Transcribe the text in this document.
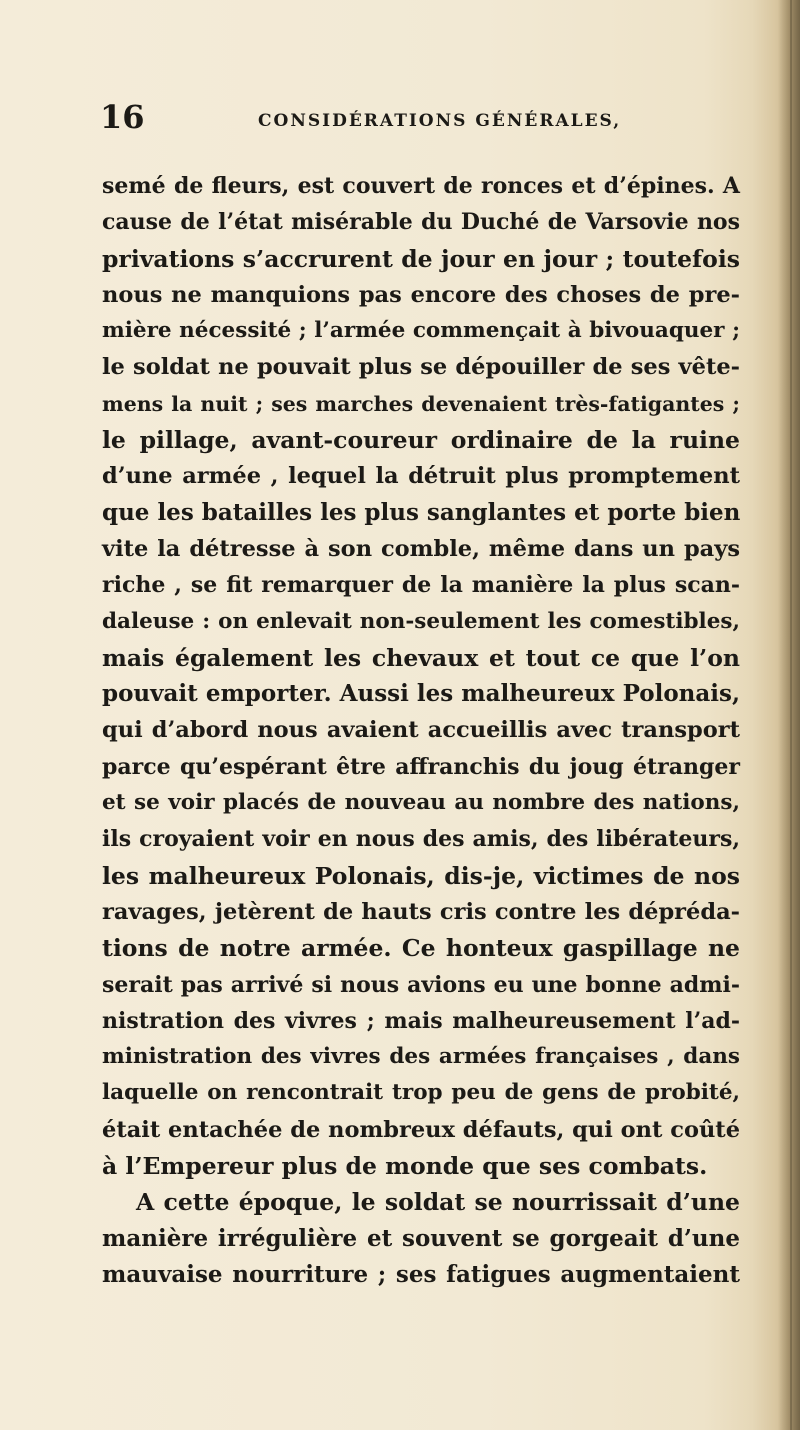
16	CONSIDÉRATIONS GÉNÉRALES,
semé de fleurs, est couvert de ronces et d’épines. A
cause de l’état misérable du Duché de Varsovie nos
privations s’accrurent de jour en jour ; toutefois
nous ne manquions pas encore des choses de pre-
mière nécessité ; l’armée commençait à bivouaquer ;
le soldat ne pouvait plus se dépouiller de ses vête-
mens la nuit ; ses marches devenaient très-fatigantes ;
le pillage, avant-coureur ordinaire de la ruine
d’une armée , lequel la détruit plus promptement
que les batailles les plus sanglantes et porte bien
vite la détresse à son comble, même dans un pays
riche , se fit remarquer de la manière la plus scan-
daleuse : on enlevait non-seulement les comestibles,
mais également les chevaux et tout ce que l’on
pouvait emporter. Aussi les malheureux Polonais,
qui d’abord nous avaient accueillis avec transport
parce qu’espérant être affranchis du joug étranger
et se voir placés de nouveau au nombre des nations,
ils croyaient voir en nous des amis, des libérateurs,
les malheureux Polonais, dis-je, victimes de nos
ravages, jetèrent de hauts cris contre les dépréda-
tions de notre armée. Ce honteux gaspillage ne
serait pas arrivé si nous avions eu une bonne admi-
nistration des vivres ; mais malheureusement l’ad-
ministration des vivres des armées françaises , dans
laquelle on rencontrait trop peu de gens de probité,
était entachée de nombreux défauts, qui ont coûté
à l’Empereur plus de monde que ses combats.
A cette époque, le soldat se nourrissait d’une
manière irrégulière et souvent se gorgeait d’une
mauvaise nourriture ; ses fatigues augmentaient
